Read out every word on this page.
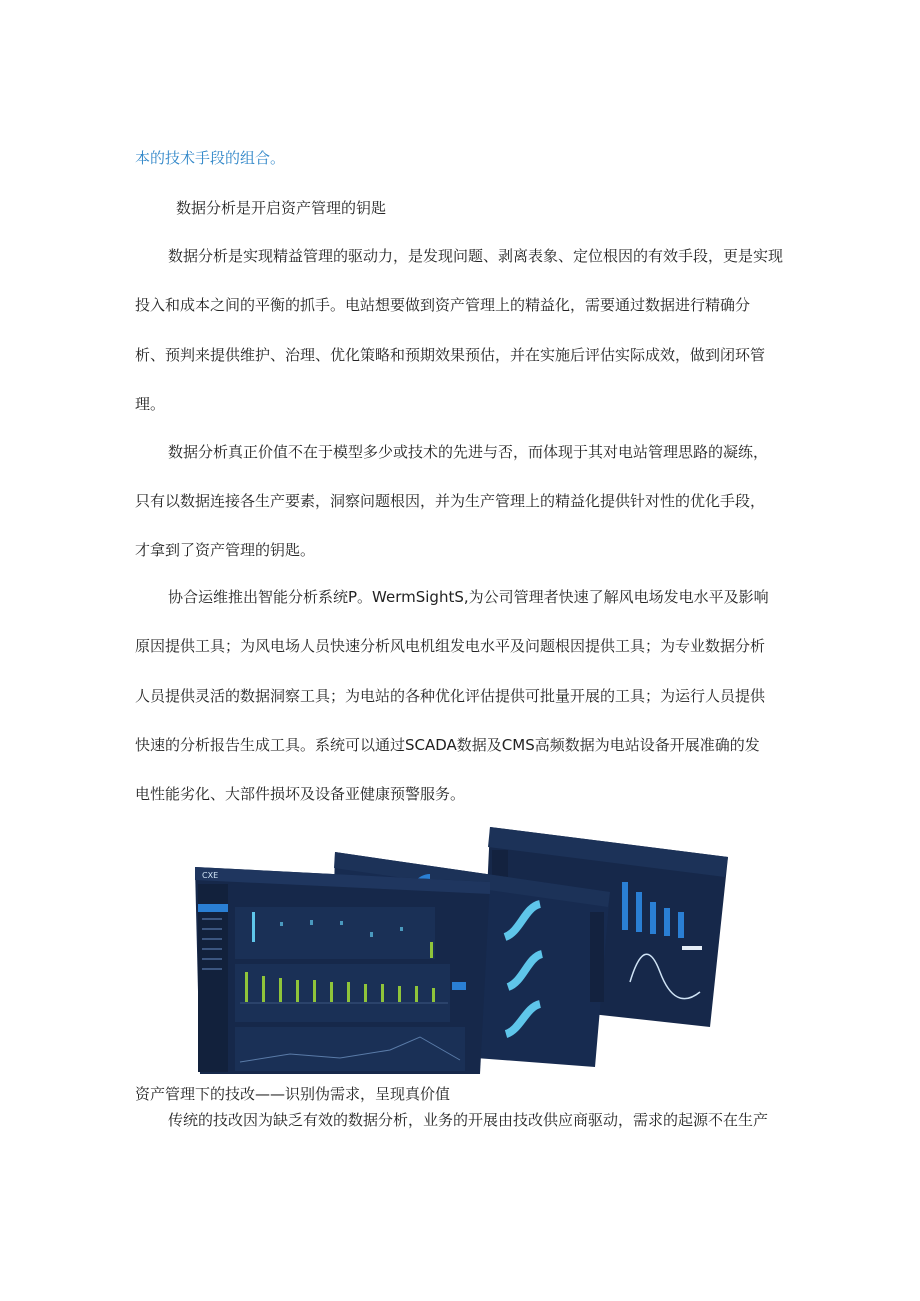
本的技术手段的组合。
数据分析是开启资产管理的钥匙
数据分析是实现精益管理的驱动力，是发现问题、剥离表象、定位根因的有效手段，更是实现
投入和成本之间的平衡的抓手。电站想要做到资产管理上的精益化，需要通过数据进行精确分
析、预判来提供维护、治理、优化策略和预期效果预估，并在实施后评估实际成效，做到闭环管
理。
数据分析真正价值不在于模型多少或技术的先进与否，而体现于其对电站管理思路的凝练，
只有以数据连接各生产要素，洞察问题根因，并为生产管理上的精益化提供针对性的优化手段，
才拿到了资产管理的钥匙。
协合运维推出智能分析系统P。WermSightS,为公司管理者快速了解风电场发电水平及影响
原因提供工具；为风电场人员快速分析风电机组发电水平及问题根因提供工具；为专业数据分析
人员提供灵活的数据洞察工具；为电站的各种优化评估提供可批量开展的工具；为运行人员提供
快速的分析报告生成工具。系统可以通过SCADA数据及CMS高频数据为电站设备开展准确的发
电性能劣化、大部件损坏及设备亚健康预警服务。
CXE
资产管理下的技改——识别伪需求，呈现真价值
传统的技改因为缺乏有效的数据分析，业务的开展由技改供应商驱动，需求的起源不在生产
